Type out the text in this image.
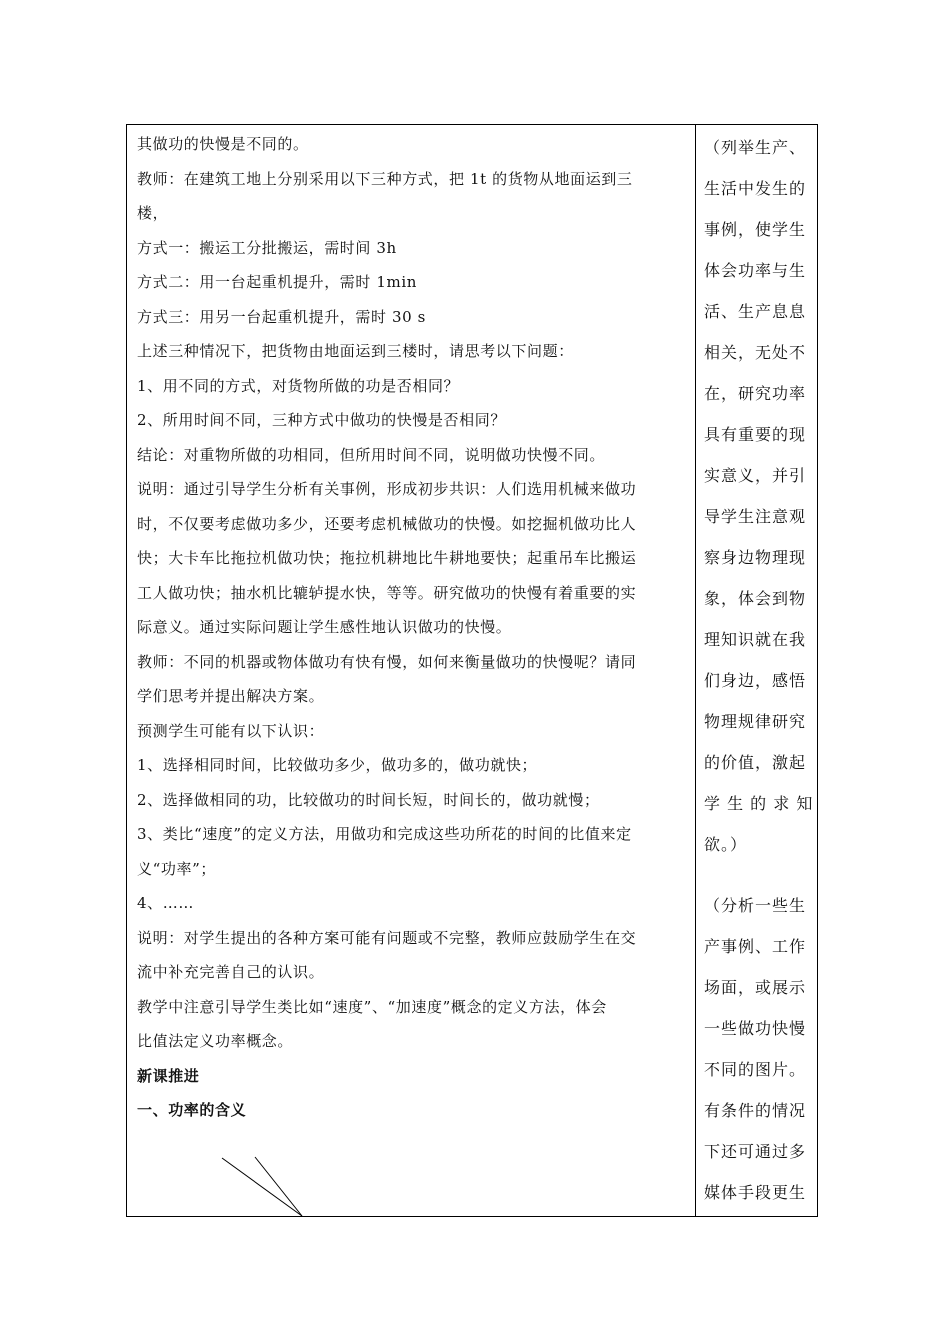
其做功的快慢是不同的。

教师：在建筑工地上分别采用以下三种方式，把 1t 的货物从地面运到三

楼，

方式一：搬运工分批搬运，需时间 3h

方式二：用一台起重机提升，需时 1min

方式三：用另一台起重机提升，需时 30 s

上述三种情况下，把货物由地面运到三楼时，请思考以下问题：

1、用不同的方式，对货物所做的功是否相同？

2、所用时间不同，三种方式中做功的快慢是否相同？

结论：对重物所做的功相同，但所用时间不同，说明做功快慢不同。

说明：通过引导学生分析有关事例，形成初步共识：人们选用机械来做功

时，不仅要考虑做功多少，还要考虑机械做功的快慢。如挖掘机做功比人

快；大卡车比拖拉机做功快；拖拉机耕地比牛耕地要快；起重吊车比搬运

工人做功快；抽水机比辘轳提水快，等等。研究做功的快慢有着重要的实

际意义。通过实际问题让学生感性地认识做功的快慢。

教师：不同的机器或物体做功有快有慢，如何来衡量做功的快慢呢？请同

学们思考并提出解决方案。

预测学生可能有以下认识：

1、选择相同时间，比较做功多少，做功多的，做功就快；

2、选择做相同的功，比较做功的时间长短，时间长的，做功就慢；

3、类比“速度”的定义方法，用做功和完成这些功所花的时间的比值来定

义“功率”；

4、……

说明：对学生提出的各种方案可能有问题或不完整，教师应鼓励学生在交

流中补充完善自己的认识。

教学中注意引导学生类比如“速度”、“加速度”概念的定义方法，体会

比值法定义功率概念。

新课推进

一、功率的含义

（列举生产、

生活中发生的

事例，使学生

体会功率与生

活、生产息息

相关，无处不

在，研究功率

具有重要的现

实意义，并引

导学生注意观

察身边物理现

象，体会到物

理知识就在我

们身边，感悟

物理规律研究

的价值，激起

学 生 的 求 知

欲。）

（分析一些生

产事例、工作

场面，或展示

一些做功快慢

不同的图片。

有条件的情况

下还可通过多

媒体手段更生
